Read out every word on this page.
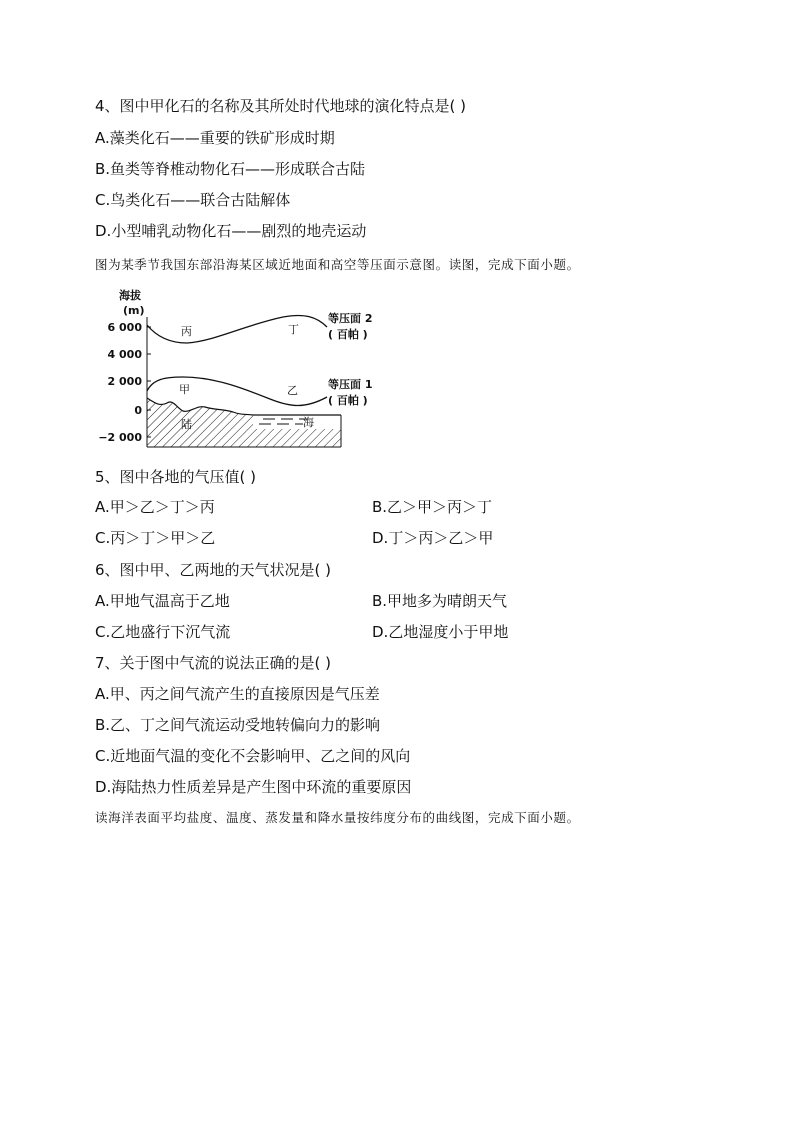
4、图中甲化石的名称及其所处时代地球的演化特点是( )
A.藻类化石——重要的铁矿形成时期
B.鱼类等脊椎动物化石——形成联合古陆
C.鸟类化石——联合古陆解体
D.小型哺乳动物化石——剧烈的地壳运动
图为某季节我国东部沿海某区域近地面和高空等压面示意图。读图，完成下面小题。
海拔
(m)
6 000
4 000
2 000
0
−2 000
丙	丁
甲	乙
陆	海
等压面 2
( 百帕 )
等压面 1
( 百帕 )
5、图中各地的气压值( )
A.甲＞乙＞丁＞丙	B.乙＞甲＞丙＞丁
C.丙＞丁＞甲＞乙	D.丁＞丙＞乙＞甲
6、图中甲、乙两地的天气状况是( )
A.甲地气温高于乙地	B.甲地多为晴朗天气
C.乙地盛行下沉气流	D.乙地湿度小于甲地
7、关于图中气流的说法正确的是( )
A.甲、丙之间气流产生的直接原因是气压差
B.乙、丁之间气流运动受地转偏向力的影响
C.近地面气温的变化不会影响甲、乙之间的风向
D.海陆热力性质差异是产生图中环流的重要原因
读海洋表面平均盐度、温度、蒸发量和降水量按纬度分布的曲线图，完成下面小题。
